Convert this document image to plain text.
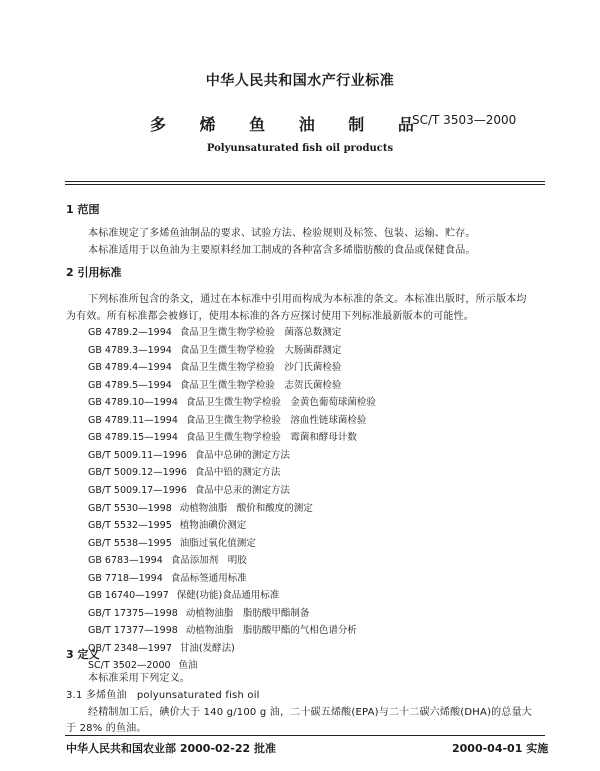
中华人民共和国水产行业标准
多 烯 鱼 油 制 品
SC/T 3503—2000
Polyunsaturated fish oil products
1 范围
本标准规定了多烯鱼油制品的要求、试验方法、检验规则及标签、包装、运输、贮存。
本标准适用于以鱼油为主要原料经加工制成的各种富含多烯脂肪酸的食品或保健食品。
2 引用标准
下列标准所包含的条文，通过在本标准中引用而构成为本标准的条文。本标准出版时，所示版本均
为有效。所有标准都会被修订，使用本标准的各方应探讨使用下列标准最新版本的可能性。
GB 4789.2—1994 食品卫生微生物学检验　菌落总数测定
GB 4789.3—1994 食品卫生微生物学检验　大肠菌群测定
GB 4789.4—1994 食品卫生微生物学检验　沙门氏菌检验
GB 4789.5—1994 食品卫生微生物学检验　志贺氏菌检验
GB 4789.10—1994 食品卫生微生物学检验　金黄色葡萄球菌检验
GB 4789.11—1994 食品卫生微生物学检验　溶血性链球菌检验
GB 4789.15—1994 食品卫生微生物学检验　霉菌和酵母计数
GB/T 5009.11—1996 食品中总砷的测定方法
GB/T 5009.12—1996 食品中铅的测定方法
GB/T 5009.17—1996 食品中总汞的测定方法
GB/T 5530—1998 动植物油脂　酸价和酸度的测定
GB/T 5532—1995 植物油碘价测定
GB/T 5538—1995 油脂过氧化值测定
GB 6783—1994 食品添加剂　明胶
GB 7718—1994 食品标签通用标准
GB 16740—1997 保健(功能)食品通用标准
GB/T 17375—1998 动植物油脂　脂肪酸甲酯制备
GB/T 17377—1998 动植物油脂　脂肪酸甲酯的气相色谱分析
QB/T 2348—1997 甘油(发酵法)
SC/T 3502—2000 鱼油
3 定义
本标准采用下列定义。
3.1 多烯鱼油　polyunsaturated fish oil
经精制加工后，碘价大于 140 g/100 g 油，二十碳五烯酸(EPA)与二十二碳六烯酸(DHA)的总量大
于 28% 的鱼油。
中华人民共和国农业部 2000-02-22 批准	2000-04-01 实施
